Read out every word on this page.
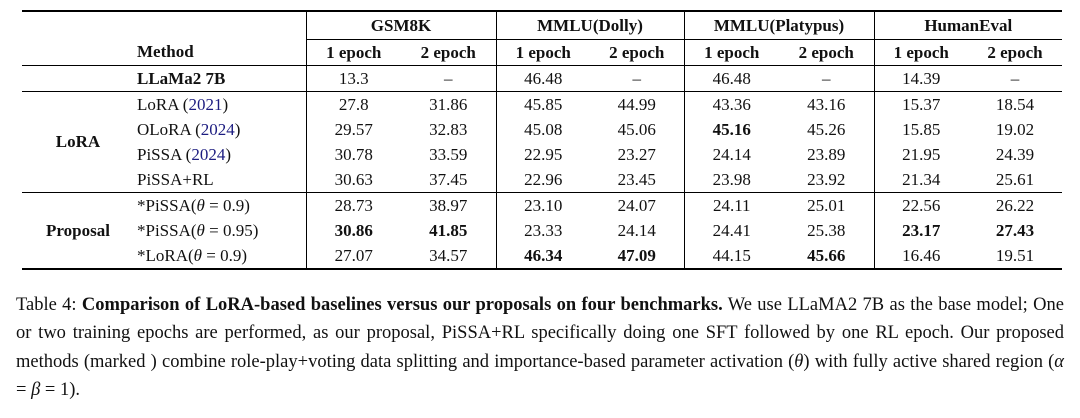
		GSM8K		MMLU(Dolly)		MMLU(Platypus)		HumanEval	
	Method	1 epoch	2 epoch	1 epoch	2 epoch	1 epoch	2 epoch	1 epoch	2 epoch
	LLaMa2 7B	13.3	–	46.48	–	46.48	–	14.39	–
LoRA	LoRA (2021)	27.8	31.86	45.85	44.99	43.36	43.16	15.37	18.54
	OLoRA (2024)	29.57	32.83	45.08	45.06	45.16	45.26	15.85	19.02
	PiSSA (2024)	30.78	33.59	22.95	23.27	24.14	23.89	21.95	24.39
	PiSSA+RL	30.63	37.45	22.96	23.45	23.98	23.92	21.34	25.61
Proposal	*PiSSA(θ = 0.9)	28.73	38.97	23.10	24.07	24.11	25.01	22.56	26.22
	*PiSSA(θ = 0.95)	30.86	41.85	23.33	24.14	24.41	25.38	23.17	27.43
	*LoRA(θ = 0.9)	27.07	34.57	46.34	47.09	44.15	45.66	16.46	19.51
Table 4: Comparison of LoRA-based baselines versus our proposals on four benchmarks. We use LLaMA2 7B as the base model; One or two training epochs are performed, as our proposal, PiSSA+RL specifically doing one SFT followed by one RL epoch. Our proposed methods (marked ) combine role-play+voting data splitting and importance-based parameter activation (θ) with fully active shared region (α = β = 1).
